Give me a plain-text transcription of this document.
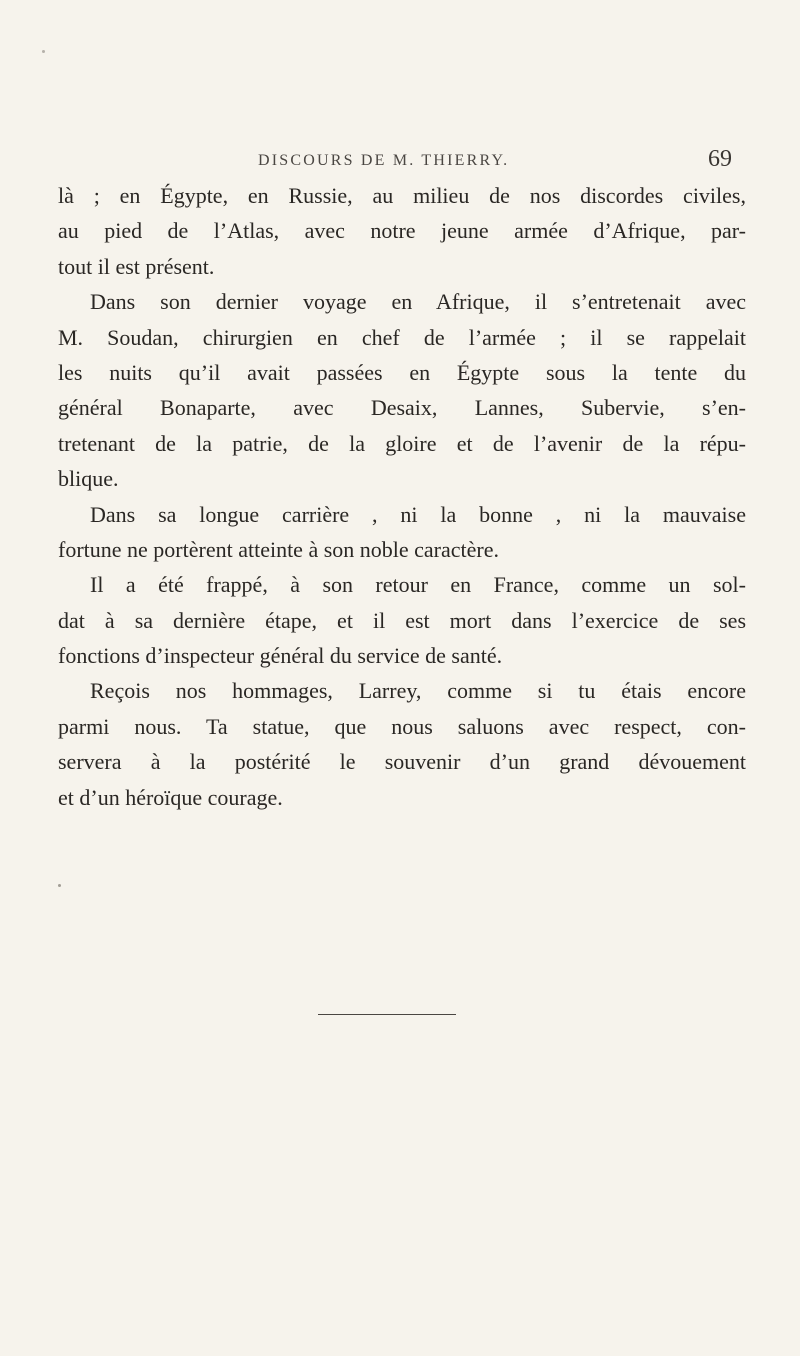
DISCOURS DE M. THIERRY.	69
là ; en Égypte, en Russie, au milieu de nos discordes civiles,
au pied de l’Atlas, avec notre jeune armée d’Afrique, par-
tout il est présent.
Dans son dernier voyage en Afrique, il s’entretenait avec
M. Soudan, chirurgien en chef de l’armée ; il se rappelait
les nuits qu’il avait passées en Égypte sous la tente du
général Bonaparte, avec Desaix, Lannes, Subervie, s’en-
tretenant de la patrie, de la gloire et de l’avenir de la répu-
blique.
Dans sa longue carrière , ni la bonne , ni la mauvaise
fortune ne portèrent atteinte à son noble caractère.
Il a été frappé, à son retour en France, comme un sol-
dat à sa dernière étape, et il est mort dans l’exercice de ses
fonctions d’inspecteur général du service de santé.
Reçois nos hommages, Larrey, comme si tu étais encore
parmi nous. Ta statue, que nous saluons avec respect, con-
servera à la postérité le souvenir d’un grand dévouement
et d’un héroïque courage.
